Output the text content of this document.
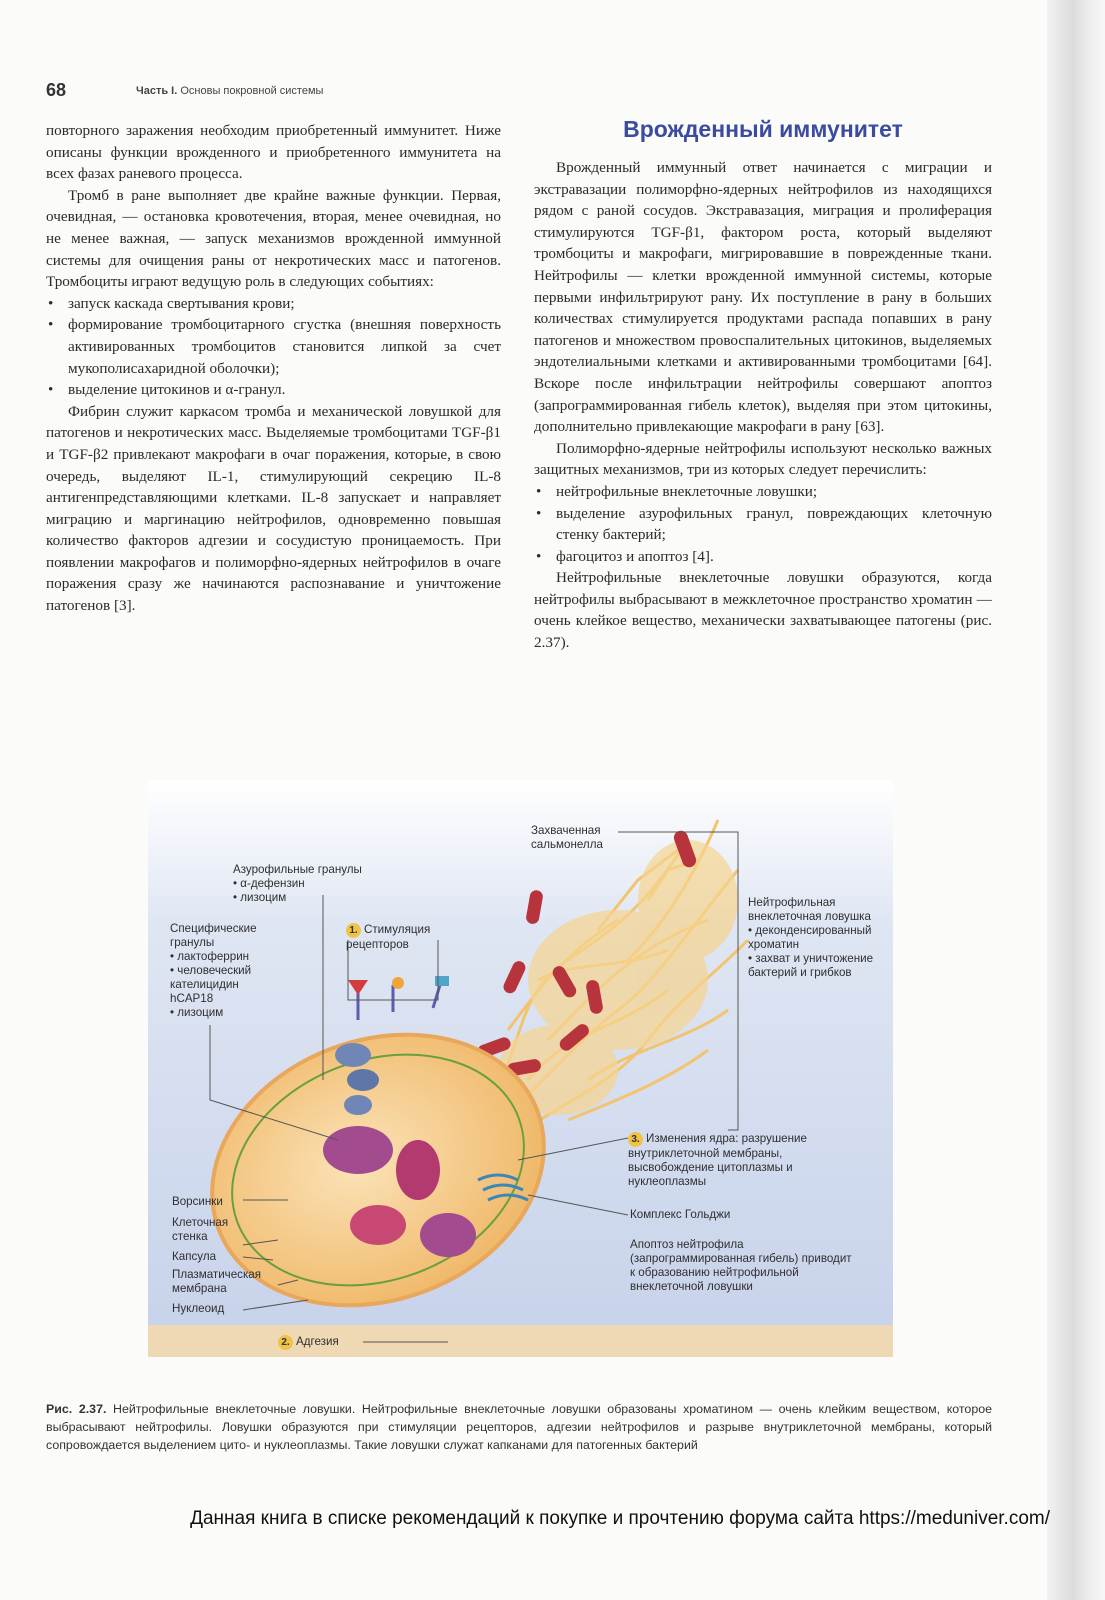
68	Часть I. Основы покровной системы

повторного заражения необходим приобретенный иммунитет. Ниже описаны функции врожденного и приобретенного иммунитета на всех фазах раневого процесса.

Тромб в ране выполняет две крайне важные функции. Первая, очевидная, — остановка кровотечения, вторая, менее очевидная, но не менее важная, — запуск механизмов врожденной иммунной системы для очищения раны от некротических масс и патогенов. Тромбоциты играют ведущую роль в следующих событиях:

• запуск каскада свертывания крови;
• формирование тромбоцитарного сгустка (внешняя поверхность активированных тромбоцитов становится липкой за счет мукополисахаридной оболочки);
• выделение цитокинов и α-гранул.

Фибрин служит каркасом тромба и механической ловушкой для патогенов и некротических масс. Выделяемые тромбоцитами TGF-β1 и TGF-β2 привлекают макрофаги в очаг поражения, которые, в свою очередь, выделяют IL-1, стимулирующий секрецию IL-8 антигенпредставляющими клетками. IL-8 запускает и направляет миграцию и маргинацию нейтрофилов, одновременно повышая количество факторов адгезии и сосудистую проницаемость. При появлении макрофагов и полиморфно-ядерных нейтрофилов в очаге поражения сразу же начинаются распознавание и уничтожение патогенов [3].

Врожденный иммунитет

Врожденный иммунный ответ начинается с миграции и экстравазации полиморфно-ядерных нейтрофилов из находящихся рядом с раной сосудов. Экстравазация, миграция и пролиферация стимулируются TGF-β1, фактором роста, который выделяют тромбоциты и макрофаги, мигрировавшие в поврежденные ткани. Нейтрофилы — клетки врожденной иммунной системы, которые первыми инфильтрируют рану. Их поступление в рану в больших количествах стимулируется продуктами распада попавших в рану патогенов и множеством провоспалительных цитокинов, выделяемых эндотелиальными клетками и активированными тромбоцитами [64]. Вскоре после инфильтрации нейтрофилы совершают апоптоз (запрограммированная гибель клеток), выделяя при этом цитокины, дополнительно привлекающие макрофаги в рану [63].

Полиморфно-ядерные нейтрофилы используют несколько важных защитных механизмов, три из которых следует перечислить:

• нейтрофильные внеклеточные ловушки;
• выделение азурофильных гранул, повреждающих клеточную стенку бактерий;
• фагоцитоз и апоптоз [4].

Нейтрофильные внеклеточные ловушки образуются, когда нейтрофилы выбрасывают в межклеточное пространство хроматин — очень клейкое вещество, механически захватывающее патогены (рис. 2.37).

Захваченная сальмонелла
Азурофильные гранулы
• α-дефензин
• лизоцим
Специфические гранулы
• лактоферрин
• человеческий кателицидин hCAP18
• лизоцим
1. Стимуляция рецепторов
Нейтрофильная внеклеточная ловушка
• деконденсированный хроматин
• захват и уничтожение бактерий и грибков
3. Изменения ядра: разрушение внутриклеточной мембраны, высвобождение цитоплазмы и нуклеоплазмы
Комплекс Гольджи
Апоптоз нейтрофила (запрограммированная гибель) приводит к образованию нейтрофильной внеклеточной ловушки
Ворсинки
Клеточная стенка
Капсула
Плазматическая мембрана
Нуклеоид
2. Адгезия
Рис. 2.37. Нейтрофильные внеклеточные ловушки. Нейтрофильные внеклеточные ловушки образованы хроматином — очень клейким веществом, которое выбрасывают нейтрофилы. Ловушки образуются при стимуляции рецепторов, адгезии нейтрофилов и разрыве внутриклеточной мембраны, который сопровождается выделением цито- и нуклеоплазмы. Такие ловушки служат капканами для патогенных бактерий
Данная книга в списке рекомендаций к покупке и прочтению форума сайта https://meduniver.com/
